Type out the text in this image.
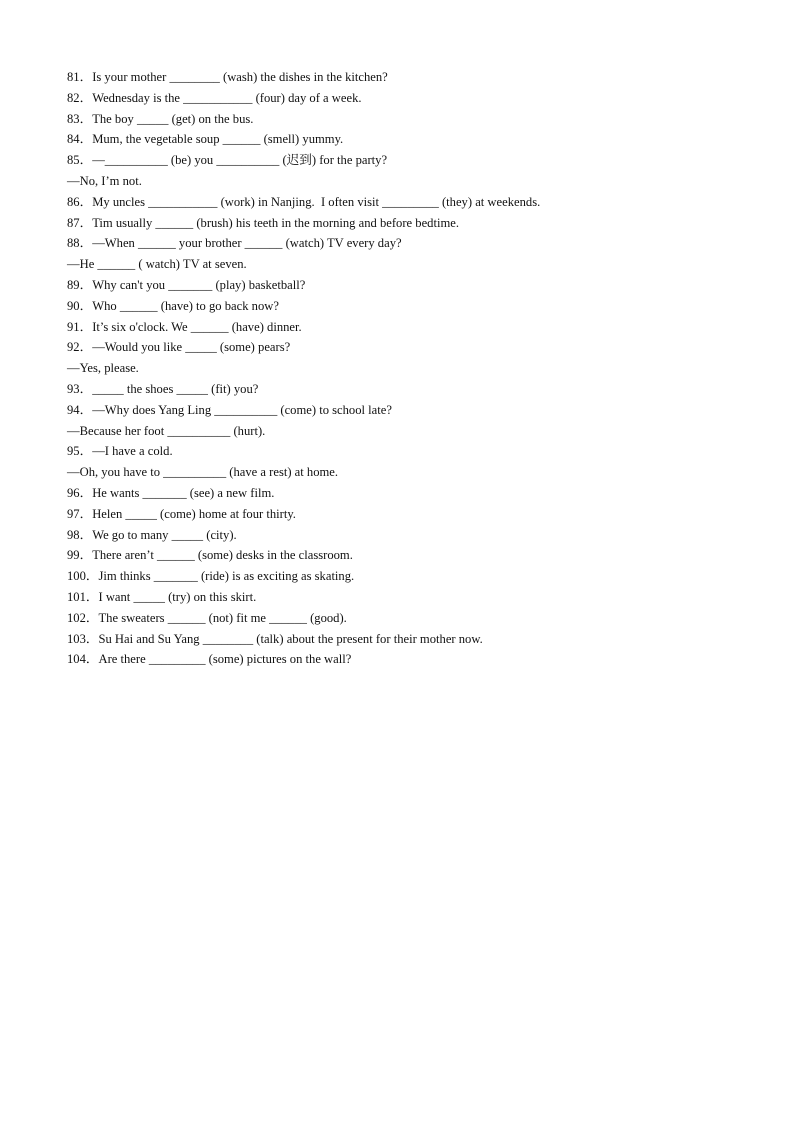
81．Is your mother ________ (wash) the dishes in the kitchen?
82．Wednesday is the ___________ (four) day of a week.
83．The boy _____ (get) on the bus.
84．Mum, the vegetable soup ______ (smell) yummy.
85．—__________ (be) you __________ (迟到) for the party?
—No, I’m not.
86．My uncles ___________ (work) in Nanjing.  I often visit _________ (they) at weekends.
87．Tim usually ______ (brush) his teeth in the morning and before bedtime.
88．—When ______ your brother ______ (watch) TV every day?
—He ______ ( watch) TV at seven.
89．Why can't you _______ (play) basketball?
90．Who ______ (have) to go back now?
91．It’s six o'clock. We ______ (have) dinner.
92．—Would you like _____ (some) pears?
—Yes, please.
93．_____ the shoes _____ (fit) you?
94．—Why does Yang Ling __________ (come) to school late?
—Because her foot __________ (hurt).
95．—I have a cold.
—Oh, you have to __________ (have a rest) at home.
96．He wants _______ (see) a new film.
97．Helen _____ (come) home at four thirty.
98．We go to many _____ (city).
99．There aren’t ______ (some) desks in the classroom.
100．Jim thinks _______ (ride) is as exciting as skating.
101．I want _____ (try) on this skirt.
102．The sweaters ______ (not) fit me ______ (good).
103．Su Hai and Su Yang ________ (talk) about the present for their mother now.
104．Are there _________ (some) pictures on the wall?
